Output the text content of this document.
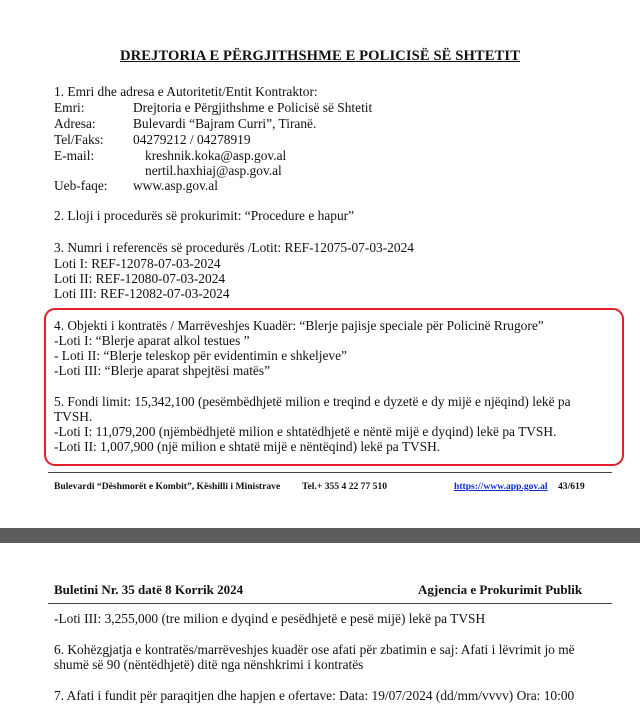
DREJTORIA E PËRGJITHSHME E POLICISË SË SHTETIT
1. Emri dhe adresa e Autoritetit/Entit Kontraktor:
Emri:	Drejtoria e Përgjithshme e Policisë së Shtetit
Adresa:	Bulevardi “Bajram Curri”, Tiranë.
Tel/Faks: 04279212 / 04278919
E-mail:	kreshnik.koka@asp.gov.al
nertil.haxhiaj@asp.gov.al
Ueb-faqe: www.asp.gov.al
2. Lloji i procedurës së prokurimit: “Procedure e hapur”
3. Numri i referencës së procedurës /Lotit: REF-12075-07-03-2024
Loti I: REF-12078-07-03-2024
Loti II: REF-12080-07-03-2024
Loti III: REF-12082-07-03-2024
4. Objekti i kontratës / Marrëveshjes Kuadër: “Blerje pajisje speciale për Policinë Rrugore”
-Loti I: “Blerje aparat alkol testues ”
- Loti II: “Blerje teleskop për evidentimin e shkeljeve”
-Loti III: “Blerje aparat shpejtësi matës”
5. Fondi limit: 15,342,100 (pesëmbëdhjetë milion e treqind e dyzetë e dy mijë e njëqind) lekë pa
TVSH.
-Loti I: 11,079,200 (njëmbëdhjetë milion e shtatëdhjetë e nëntë mijë e dyqind) lekë pa TVSH.
-Loti II: 1,007,900 (një milion e shtatë mijë e nëntëqind) lekë pa TVSH.
Bulevardi “Dëshmorët e Kombit”, Këshilli i Ministrave Tel.+ 355 4 22 77 510	https://www.app.gov.al 43/619
Buletini Nr. 35 datë 8 Korrik 2024	Agjencia e Prokurimit Publik
-Loti III: 3,255,000 (tre milion e dyqind e pesëdhjetë e pesë mijë) lekë pa TVSH
6. Kohëzgjatja e kontratës/marrëveshjes kuadër ose afati për zbatimin e saj: Afati i lëvrimit jo më
shumë së 90 (nëntëdhjetë) ditë nga nënshkrimi i kontratës
7. Afati i fundit për paraqitjen dhe hapjen e ofertave: Data: 19/07/2024 (dd/mm/vvvv) Ora: 10:00
